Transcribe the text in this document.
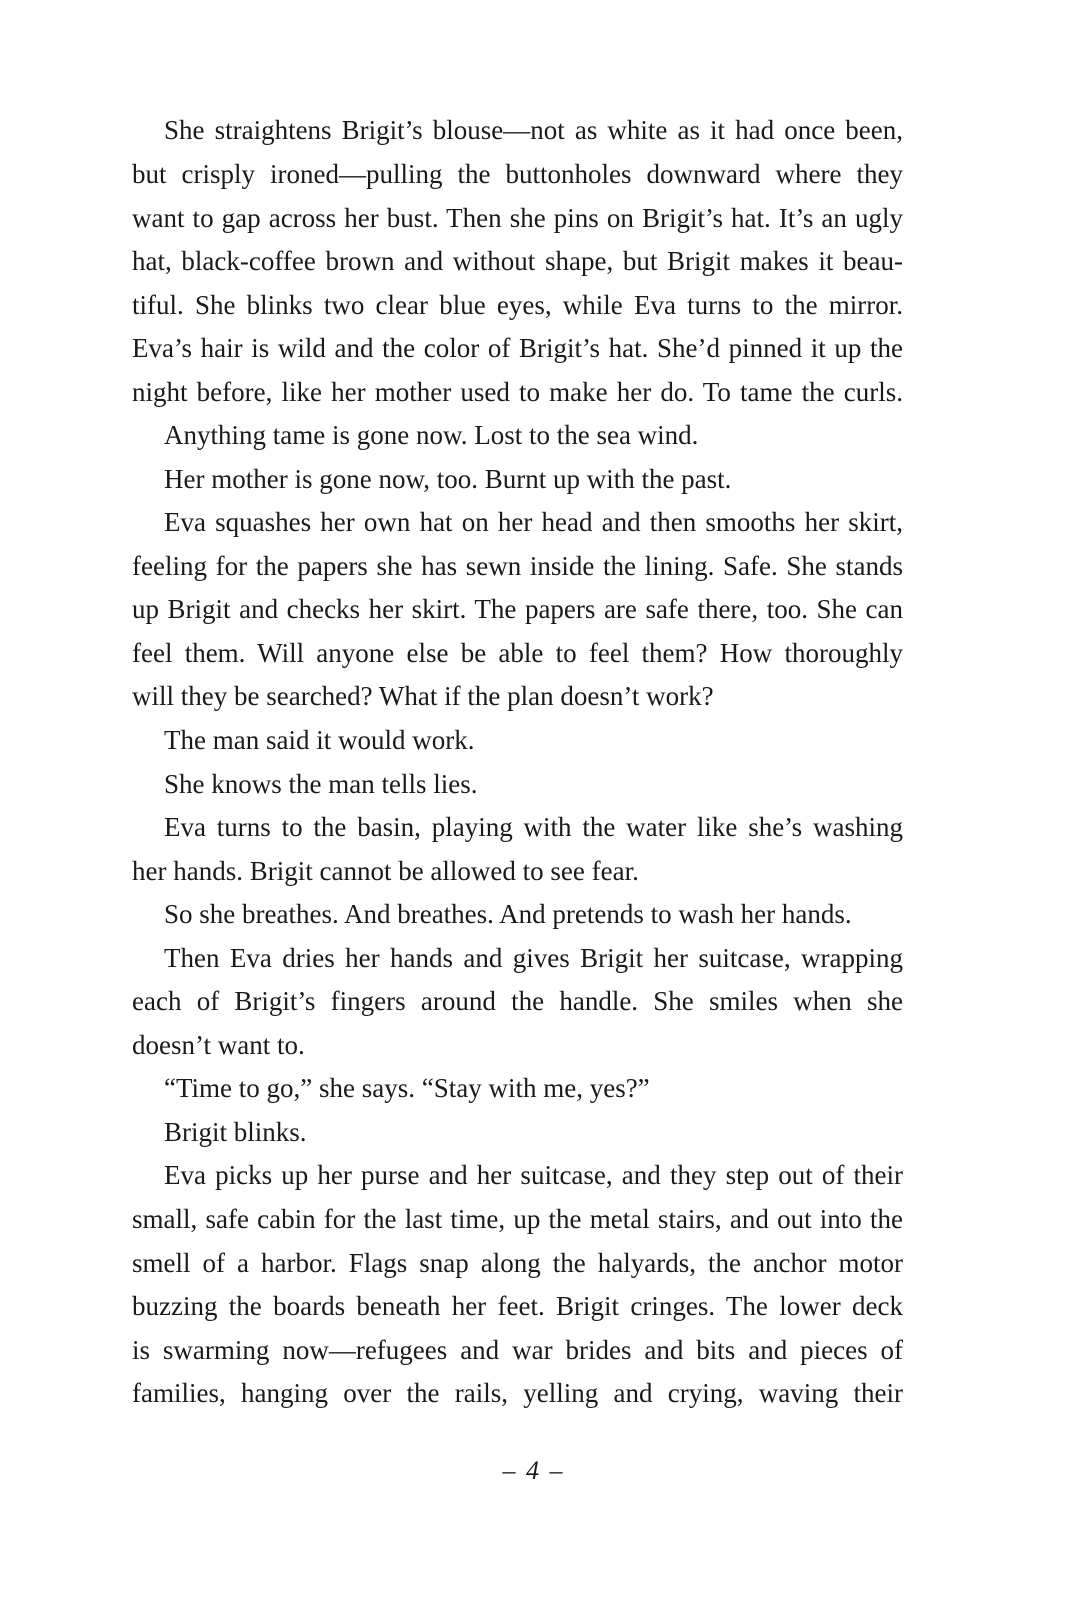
She straightens Brigit’s blouse—not as white as it had once been,
but crisply ironed—pulling the buttonholes downward where they
want to gap across her bust. Then she pins on Brigit’s hat. It’s an ugly
hat, black-coffee brown and without shape, but Brigit makes it beau-
tiful. She blinks two clear blue eyes, while Eva turns to the mirror.
Eva’s hair is wild and the color of Brigit’s hat. She’d pinned it up the
night before, like her mother used to make her do. To tame the curls.
Anything tame is gone now. Lost to the sea wind.
Her mother is gone now, too. Burnt up with the past.
Eva squashes her own hat on her head and then smooths her skirt,
feeling for the papers she has sewn inside the lining. Safe. She stands
up Brigit and checks her skirt. The papers are safe there, too. She can
feel them. Will anyone else be able to feel them? How thoroughly
will they be searched? What if the plan doesn’t work?
The man said it would work.
She knows the man tells lies.
Eva turns to the basin, playing with the water like she’s washing
her hands. Brigit cannot be allowed to see fear.
So she breathes. And breathes. And pretends to wash her hands.
Then Eva dries her hands and gives Brigit her suitcase, wrapping
each of Brigit’s fingers around the handle. She smiles when she
doesn’t want to.
“Time to go,” she says. “Stay with me, yes?”
Brigit blinks.
Eva picks up her purse and her suitcase, and they step out of their
small, safe cabin for the last time, up the metal stairs, and out into the
smell of a harbor. Flags snap along the halyards, the anchor motor
buzzing the boards beneath her feet. Brigit cringes. The lower deck
is swarming now—refugees and war brides and bits and pieces of
families, hanging over the rails, yelling and crying, waving their
– 4 –
